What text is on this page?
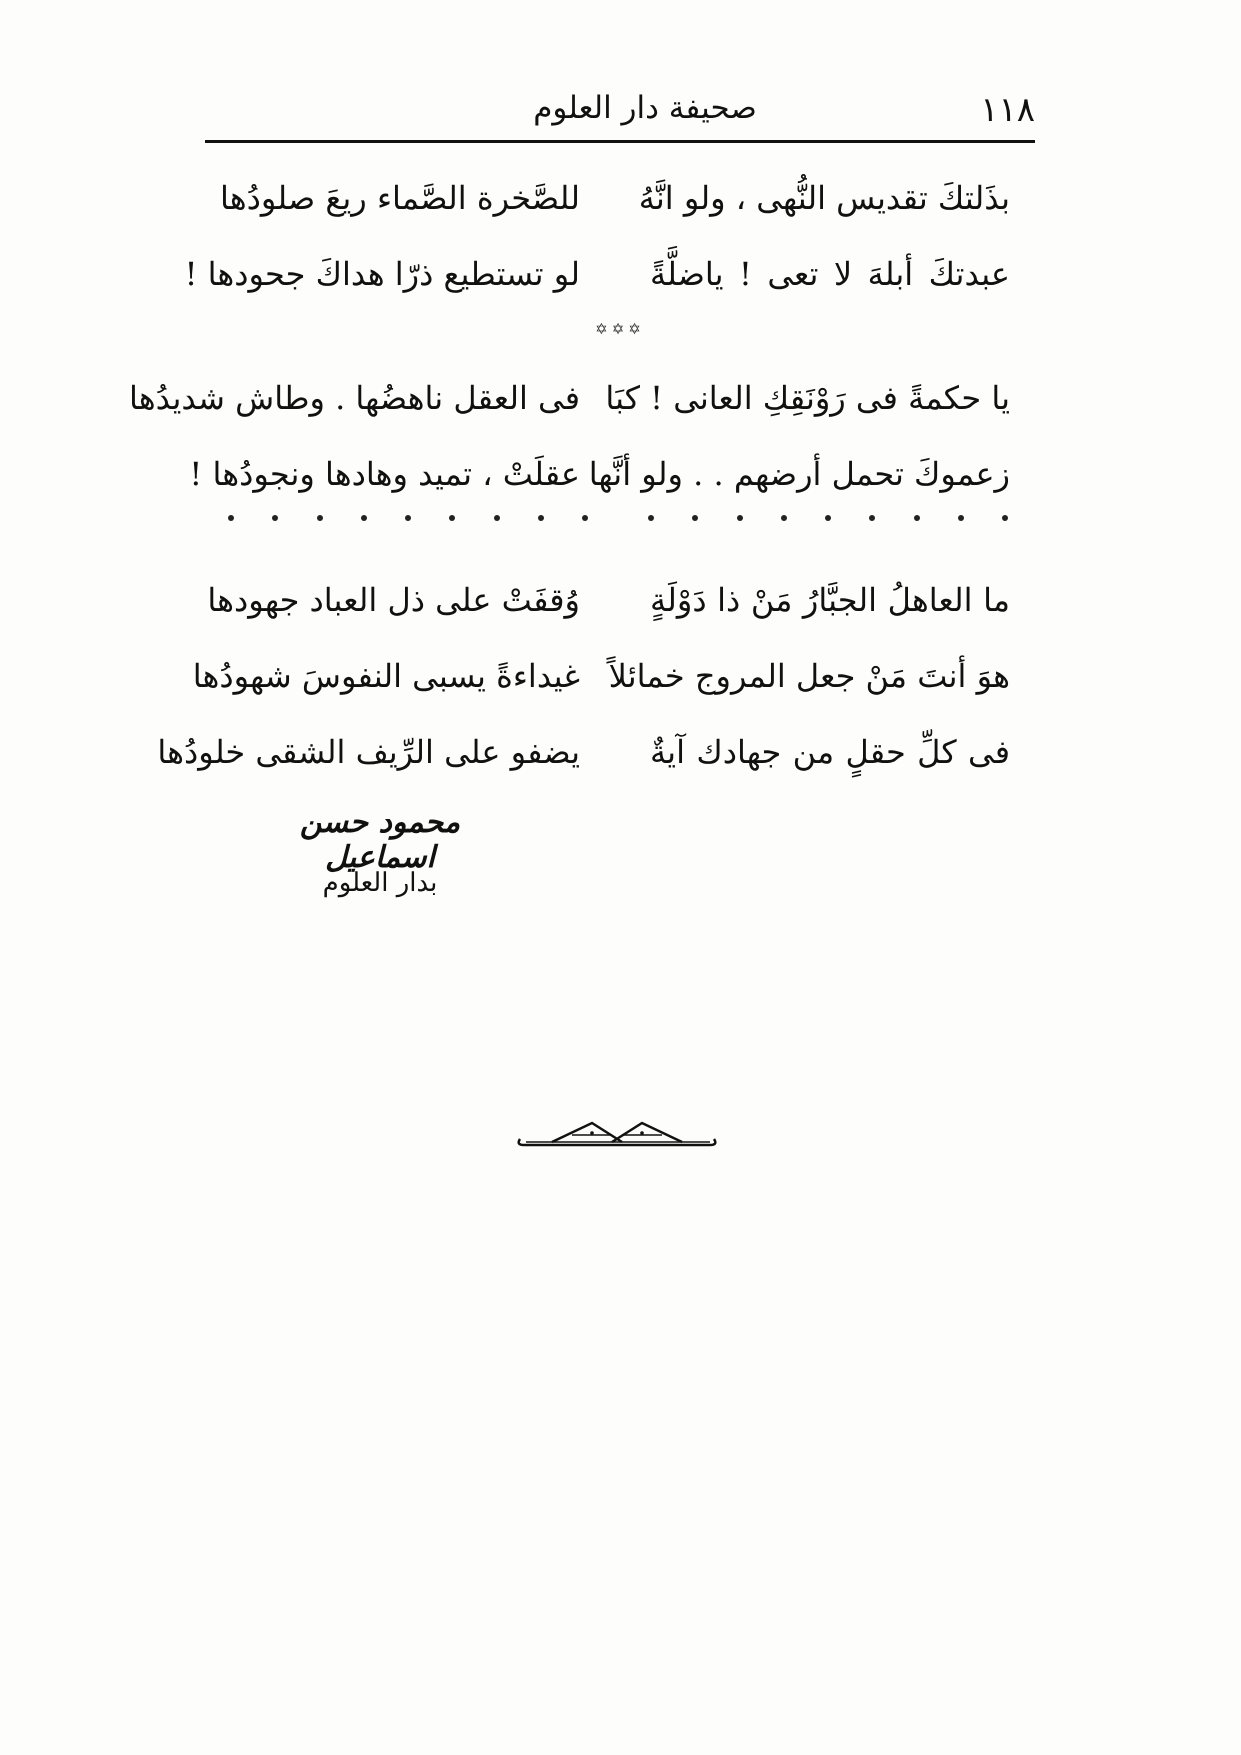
١١٨
صحيفة دار العلوم
بذَلتكَ تقديس النُّهى ، ولو انَّهُ
للصَّخرة الصَّماء ريعَ صلودُها
عبدتكَ أبلهَ لا تعى ! ياضلَّةً
لو تستطيع ذرّا هداكَ جحودها !
✡✡✡
يا حكمةً فى رَوْنَقِكِ العانى ! كبَا
فى العقل ناهضُها . وطاش شديدُها
زعموكَ تحمل أرضهم . . ولو أنَّها
عقلَتْ ، تميد وهادها ونجودُها !
ما العاهلُ الجبَّارُ مَنْ ذا دَوْلَةٍ
وُقفَتْ على ذل العباد جهودها
هوَ أنتَ مَنْ جعل المروج خمائلاً
غيداءةً يسبى النفوسَ شهودُها
فى كلِّ حقلٍ من جهادك آيةٌ
يضفو على الرِّيف الشقى خلودُها
محمود حسن اسماعيل
بدار العلوم
